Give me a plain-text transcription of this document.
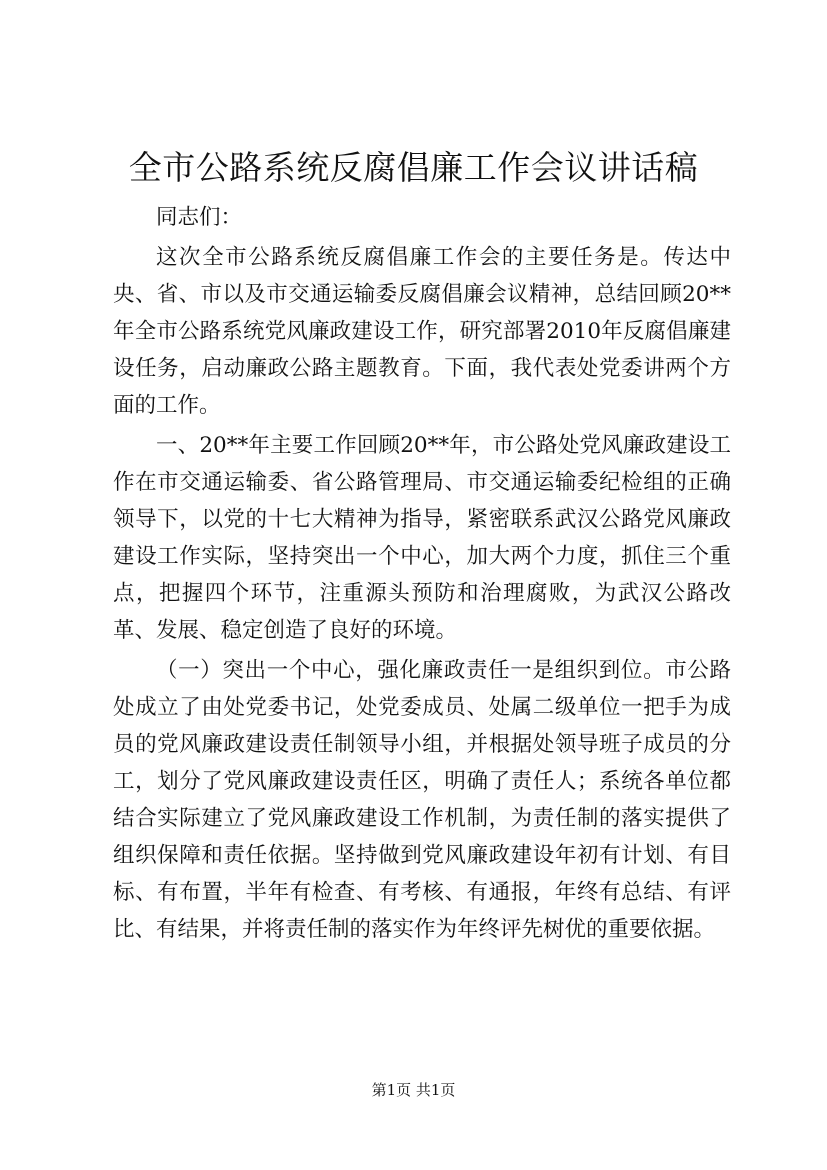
全市公路系统反腐倡廉工作会议讲话稿

同志们：

这次全市公路系统反腐倡廉工作会的主要任务是。传达中央、省、市以及市交通运输委反腐倡廉会议精神，总结回顾20**年全市公路系统党风廉政建设工作，研究部署2010年反腐倡廉建设任务，启动廉政公路主题教育。下面，我代表处党委讲两个方面的工作。

一、20**年主要工作回顾20**年，市公路处党风廉政建设工作在市交通运输委、省公路管理局、市交通运输委纪检组的正确领导下，以党的十七大精神为指导，紧密联系武汉公路党风廉政建设工作实际，坚持突出一个中心，加大两个力度，抓住三个重点，把握四个环节，注重源头预防和治理腐败，为武汉公路改革、发展、稳定创造了良好的环境。

（一）突出一个中心，强化廉政责任一是组织到位。市公路处成立了由处党委书记，处党委成员、处属二级单位一把手为成员的党风廉政建设责任制领导小组，并根据处领导班子成员的分工，划分了党风廉政建设责任区，明确了责任人；系统各单位都结合实际建立了党风廉政建设工作机制，为责任制的落实提供了组织保障和责任依据。坚持做到党风廉政建设年初有计划、有目标、有布置，半年有检查、有考核、有通报，年终有总结、有评比、有结果，并将责任制的落实作为年终评先树优的重要依据。

第1页 共1页
